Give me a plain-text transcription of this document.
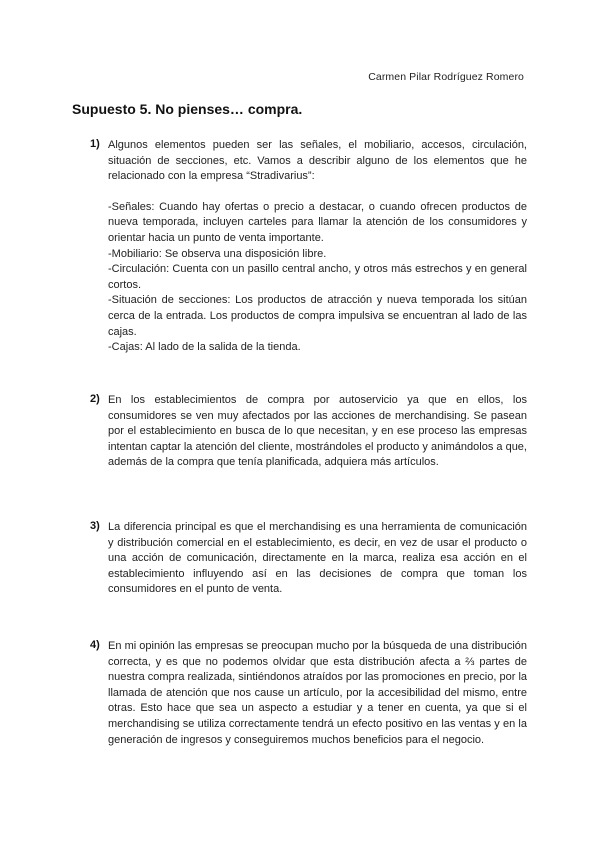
Carmen Pilar Rodríguez Romero
Supuesto 5. No pienses… compra.
1) Algunos elementos pueden ser las señales, el mobiliario, accesos, circulación, situación de secciones, etc. Vamos a describir alguno de los elementos que he relacionado con la empresa “Stradivarius”:

-Señales: Cuando hay ofertas o precio a destacar, o cuando ofrecen productos de nueva temporada, incluyen carteles para llamar la atención de los consumidores y orientar hacia un punto de venta importante.

-Mobiliario: Se observa una disposición libre.

-Circulación: Cuenta con un pasillo central ancho, y otros más estrechos y en general cortos.

-Situación de secciones: Los productos de atracción y nueva temporada los sitúan cerca de la entrada. Los productos de compra impulsiva se encuentran al lado de las cajas.

-Cajas: Al lado de la salida de la tienda.

2) En los establecimientos de compra por autoservicio ya que en ellos, los consumidores se ven muy afectados por las acciones de merchandising. Se pasean por el establecimiento en busca de lo que necesitan, y en ese proceso las empresas intentan captar la atención del cliente, mostrándoles el producto y animándolos a que, además de la compra que tenía planificada, adquiera más artículos.

3) La diferencia principal es que el merchandising es una herramienta de comunicación y distribución comercial en el establecimiento, es decir, en vez de usar el producto o una acción de comunicación, directamente en la marca, realiza esa acción en el establecimiento influyendo así en las decisiones de compra que toman los consumidores en el punto de venta.

4) En mi opinión las empresas se preocupan mucho por la búsqueda de una distribución correcta, y es que no podemos olvidar que esta distribución afecta a ⅔ partes de nuestra compra realizada, sintiéndonos atraídos por las promociones en precio, por la llamada de atención que nos cause un artículo, por la accesibilidad del mismo, entre otras. Esto hace que sea un aspecto a estudiar y a tener en cuenta, ya que si el merchandising se utiliza correctamente tendrá un efecto positivo en las ventas y en la generación de ingresos y conseguiremos muchos beneficios para el negocio.
